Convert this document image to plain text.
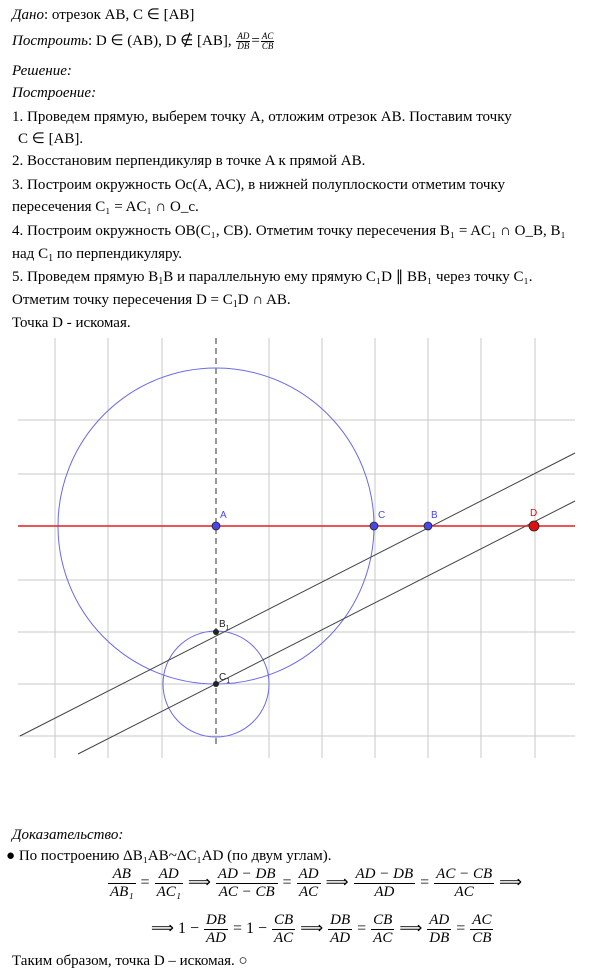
Дано: отрезок AB, C ∈ [AB]
Построить: D ∈ (AB), D ∉ [AB], $\frac{AD}{DB} = \frac{AC}{CB}$
Решение:
Построение:
1. Проведем прямую, выберем точку A, отложим отрезок AB. Поставим точку
C ∈ [AB].
2. Восстановим перпендикуляр в точке A к прямой AB.
3. Построим окружность Oc(A, AC), в нижней полуплоскости отметим точку
пересечения C₁ = AC₁ ∩ O_c.
4. Построим окружность OB(C₁, CB). Отметим точку пересечения B₁ = AC₁ ∩ O_B, B₁
над $C_1$ по перпендикуляру.
5. Проведем прямую $B_1B$ и параллельную ему прямую C₁D ∥ BB₁ через точку C₁.
Отметим точку пересечения $D = C_1D$ ∩ AB.
Точка D - искомая.
A	C	B	D
$B_1$
$C_1$
Доказательство:
● По построению ΔB₁AB~ΔC₁AD (по двум углам).
$\frac{AB}{\text{AB₁}} = \frac{AD}{\text{AC₁}}$ ⟹ $\frac{AD - DB}{AC - CB} = \frac{AD}{AC}$ ⟹ $\frac{AD - DB}{AD} = \frac{AC - CB}{AC}$ ⟹
⟹ $1 - \frac{DB}{AD} = 1 - \frac{CB}{AC}$ ⟹ $\frac{DB}{AD} = \frac{CB}{AC}$ ⟹ $\frac{AD}{DB} = \frac{AC}{CB}$
Таким образом, точка D – искомая. ○
